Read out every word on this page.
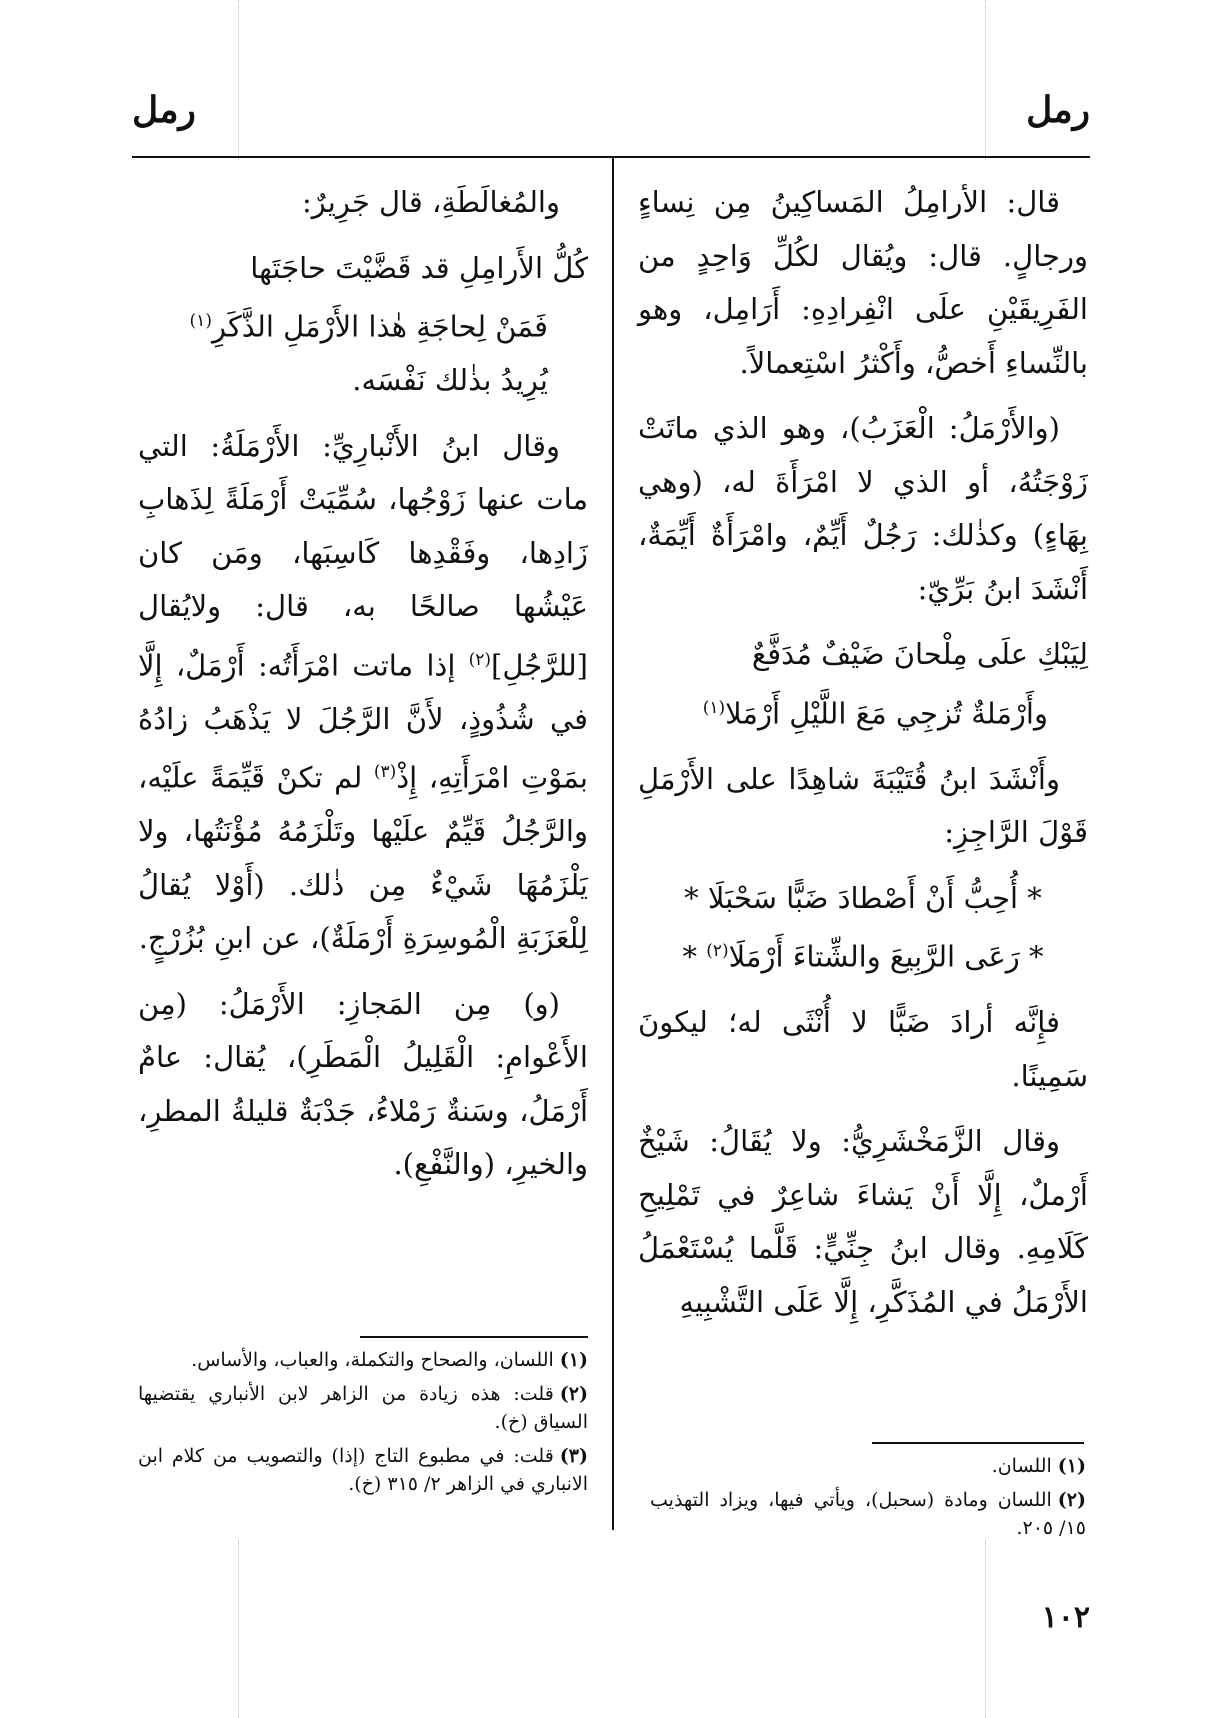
رمل
رمل

قال: الأرامِلُ المَساكِينُ مِن نِساءٍ ورجالٍ. قال: ويُقال لكُلِّ وَاحِدٍ من الفَرِيقَيْنِ علَى انْفِرادِهِ: أَرَامِل، وهو بالنِّساءِ أَخصُّ، وأَكْثرُ اسْتِعمالاً.

(والأَرْمَلُ: الْعَزَبُ)، وهو الذي ماتَتْ زَوْجَتُهُ، أو الذي لا امْرَأَةَ له، (وهي بِهَاءٍ) وكذٰلك: رَجُلٌ أَيِّمٌ، وامْرَأَةٌ أَيِّمَةٌ، أَنْشَدَ ابنُ بَرِّيّ:

لِيَبْكِ علَى مِلْحانَ ضَيْفٌ مُدَفَّعٌ

وأَرْمَلةٌ تُزجِي مَعَ اللَّيْلِ أَرْمَلا$^{(١)}$

وأَنْشَدَ ابنُ قُتَيْبَةَ شاهِدًا على الأَرْمَلِ قَوْلَ الرَّاجِزِ:

* أُحِبُّ أَنْ أَصْطادَ ضَبًّا سَحْبَلَا *

* رَعَى الرَّبِيعَ والشِّتاءَ أَرْمَلَا$^{(٢)}$ *

فإِنَّه أرادَ ضَبًّا لا أُنْثَى له؛ ليكونَ سَمِينًا.

وقال الزَّمَخْشَرِيُّ: ولا يُقَالُ: شَيْخٌ أَرْملٌ، إِلَّا أَنْ يَشاءَ شاعِرٌ في تَمْلِيحِ كَلَامِهِ. وقال ابنُ جِنِّيٍّ: قَلَّما يُسْتَعْمَلُ الأَرْمَلُ في المُذَكَّرِ، إِلَّا عَلَى التَّشْبِيهِ

والمُغالَطَةِ، قال جَرِيرٌ:

كُلُّ الأَرامِلِ قد قَضَّيْتَ حاجَتَها

فَمَنْ لِحاجَةِ هٰذا الأَرْمَلِ الذَّكَرِ$^{(١)}$

يُرِيدُ بذٰلك نَفْسَه.

وقال ابنُ الأَنْبارِيِّ: الأَرْمَلَةُ: التي مات عنها زَوْجُها، سُمِّيَتْ أَرْمَلَةً لِذَهابِ زَادِها، وفَقْدِها كَاسِبَها، ومَن كان عَيْشُها صالحًا به، قال: ولايُقال [للرَّجُلِ]$^{(٢)}$ إذا ماتت امْرَأَتُه: أَرْمَلٌ، إِلَّا في شُذُوذٍ، لأَنَّ الرَّجُلَ لا يَذْهَبُ زادُهُ بمَوْتِ امْرَأَتِهِ، إِذْ$^{(٣)}$ لم تكنْ قَيِّمَةً علَيْه، والرَّجُلُ قَيِّمٌ علَيْها وتَلْزَمُهُ مُؤْنَتُها، ولا يَلْزَمُهَا شَيْءٌ مِن ذٰلك. (أَوْلا يُقالُ لِلْعَزَبَةِ الْمُوسِرَةِ أَرْمَلَةٌ)، عن ابنِ بُزُرْجٍ.

(و) مِن المَجازِ: الأَرْمَلُ: (مِن الأَعْوامِ: الْقَلِيلُ الْمَطَرِ)، يُقال: عامٌ أَرْمَلُ، وسَنةٌ رَمْلاءُ، جَدْبَةٌ قليلةُ المطرِ، والخيرِ، (والنَّفْعِ).

(١)اللسان.

(٢)اللسان ومادة (سحبل)، ويأتي فيها، ويزاد التهذيب ١٥/ ٢٠٥.

(١)اللسان، والصحاح والتكملة، والعباب، والأساس.

(٢)قلت: هذه زيادة من الزاهر لابن الأنباري يقتضيها السياق (خ).

(٣)قلت: في مطبوع التاج (إذا) والتصويب من كلام ابن الانباري في الزاهر ٢/ ٣١٥ (خ).

١٠٢
